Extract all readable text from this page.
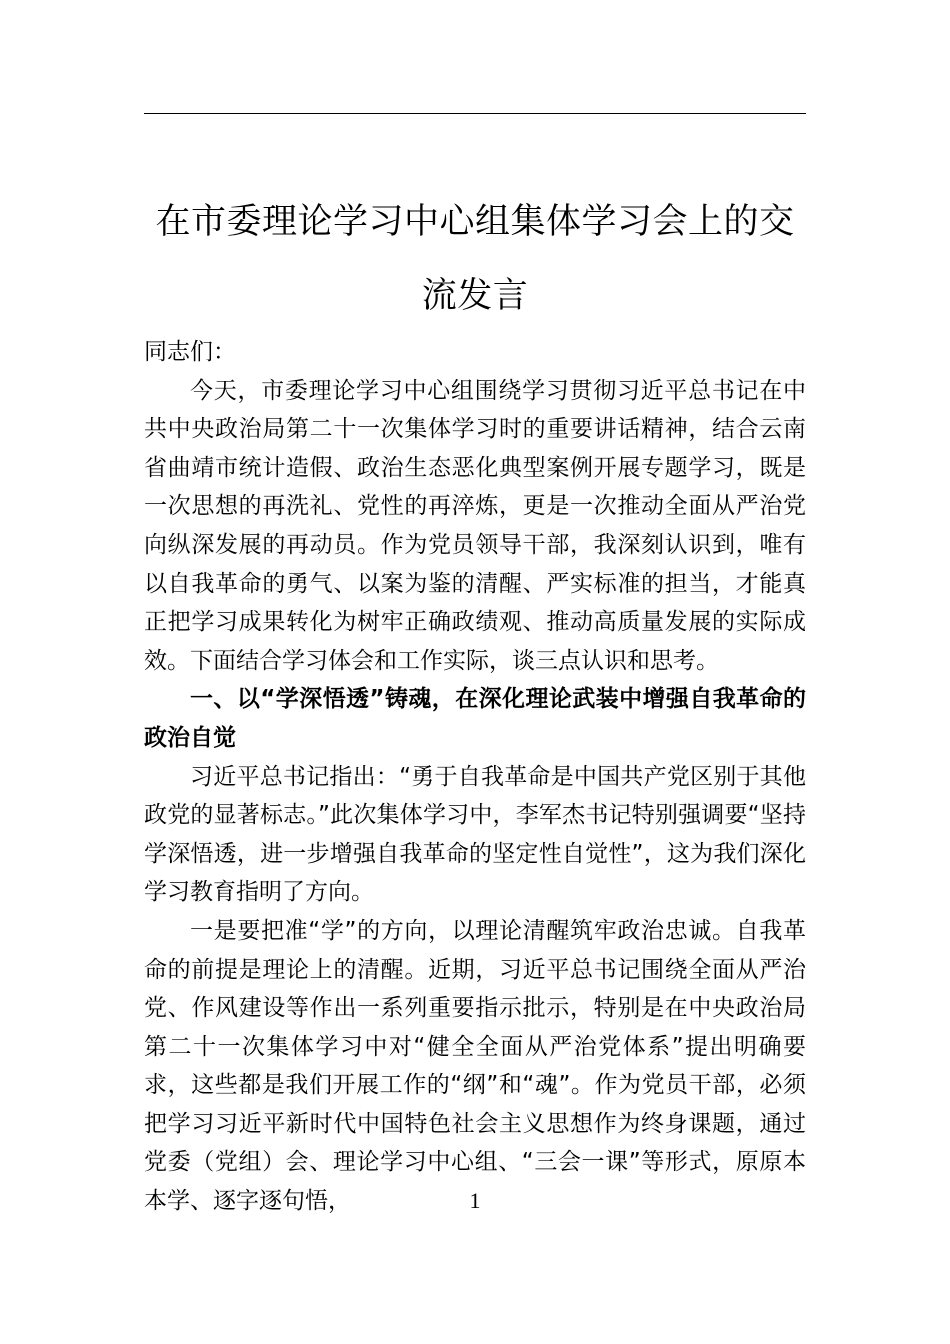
在市委理论学习中心组集体学习会上的交流发言

同志们：

今天，市委理论学习中心组围绕学习贯彻习近平总书记在中共中央政治局第二十一次集体学习时的重要讲话精神，结合云南省曲靖市统计造假、政治生态恶化典型案例开展专题学习，既是一次思想的再洗礼、党性的再淬炼，更是一次推动全面从严治党向纵深发展的再动员。作为党员领导干部，我深刻认识到，唯有以自我革命的勇气、以案为鉴的清醒、严实标准的担当，才能真正把学习成果转化为树牢正确政绩观、推动高质量发展的实际成效。下面结合学习体会和工作实际，谈三点认识和思考。

一、以“学深悟透”铸魂，在深化理论武装中增强自我革命的政治自觉

习近平总书记指出：“勇于自我革命是中国共产党区别于其他政党的显著标志。”此次集体学习中，李军杰书记特别强调要“坚持学深悟透，进一步增强自我革命的坚定性自觉性”，这为我们深化学习教育指明了方向。

一是要把准“学”的方向，以理论清醒筑牢政治忠诚。自我革命的前提是理论上的清醒。近期，习近平总书记围绕全面从严治党、作风建设等作出一系列重要指示批示，特别是在中央政治局第二十一次集体学习中对“健全全面从严治党体系”提出明确要求，这些都是我们开展工作的“纲”和“魂”。作为党员干部，必须把学习习近平新时代中国特色社会主义思想作为终身课题，通过党委（党组）会、理论学习中心组、“三会一课”等形式，原原本本学、逐字逐句悟，	1
